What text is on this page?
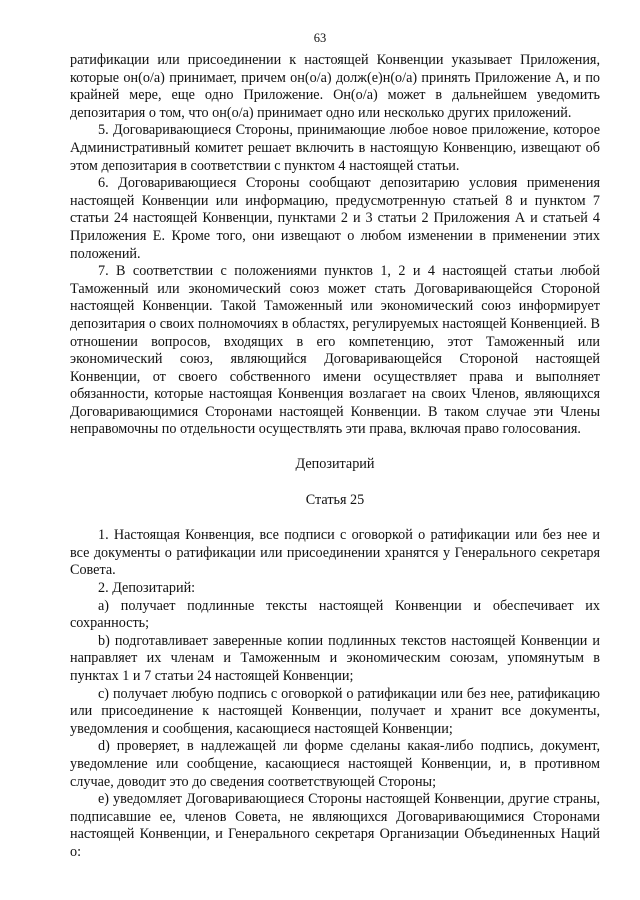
63

ратификации или присоединении к настоящей Конвенции указывает Приложения, которые он(о/а) принимает, причем он(о/а) долж(е)н(о/а) принять Приложение А, и по крайней мере, еще одно Приложение. Он(о/а) может в дальнейшем уведомить депозитария о том, что он(о/а) принимает одно или несколько других приложений.

5. Договаривающиеся Стороны, принимающие любое новое приложение, которое Административный комитет решает включить в настоящую Конвенцию, извещают об этом депозитария в соответствии с пунктом 4 настоящей статьи.

6. Договаривающиеся Стороны сообщают депозитарию условия применения настоящей Конвенции или информацию, предусмотренную статьей 8 и пунктом 7 статьи 24 настоящей Конвенции, пунктами 2 и 3 статьи 2 Приложения А и статьей 4 Приложения Е. Кроме того, они извещают о любом изменении в применении этих положений.

7. В соответствии с положениями пунктов 1, 2 и 4 настоящей статьи любой Таможенный или экономический союз может стать Договаривающейся Стороной настоящей Конвенции. Такой Таможенный или экономический союз информирует депозитария о своих полномочиях в областях, регулируемых настоящей Конвенцией. В отношении вопросов, входящих в его компетенцию, этот Таможенный или экономический союз, являющийся Договаривающейся Стороной настоящей Конвенции, от своего собственного имени осуществляет права и выполняет обязанности, которые настоящая Конвенция возлагает на своих Членов, являющихся Договаривающимися Сторонами настоящей Конвенции. В таком случае эти Члены неправомочны по отдельности осуществлять эти права, включая право голосования.

Депозитарий

Статья 25

1. Настоящая Конвенция, все подписи с оговоркой о ратификации или без нее и все документы о ратификации или присоединении хранятся у Генерального секретаря Совета.

2. Депозитарий:

a) получает подлинные тексты настоящей Конвенции и обеспечивает их сохранность;

b) подготавливает заверенные копии подлинных текстов настоящей Конвенции и направляет их членам и Таможенным и экономическим союзам, упомянутым в пунктах 1 и 7 статьи 24 настоящей Конвенции;

c) получает любую подпись с оговоркой о ратификации или без нее, ратификацию или присоединение к настоящей Конвенции, получает и хранит все документы, уведомления и сообщения, касающиеся настоящей Конвенции;

d) проверяет, в надлежащей ли форме сделаны какая-либо подпись, документ, уведомление или сообщение, касающиеся настоящей Конвенции, и, в противном случае, доводит это до сведения соответствующей Стороны;

e) уведомляет Договаривающиеся Стороны настоящей Конвенции, другие страны, подписавшие ее, членов Совета, не являющихся Договаривающимися Сторонами настоящей Конвенции, и Генерального секретаря Организации Объединенных Наций о:
